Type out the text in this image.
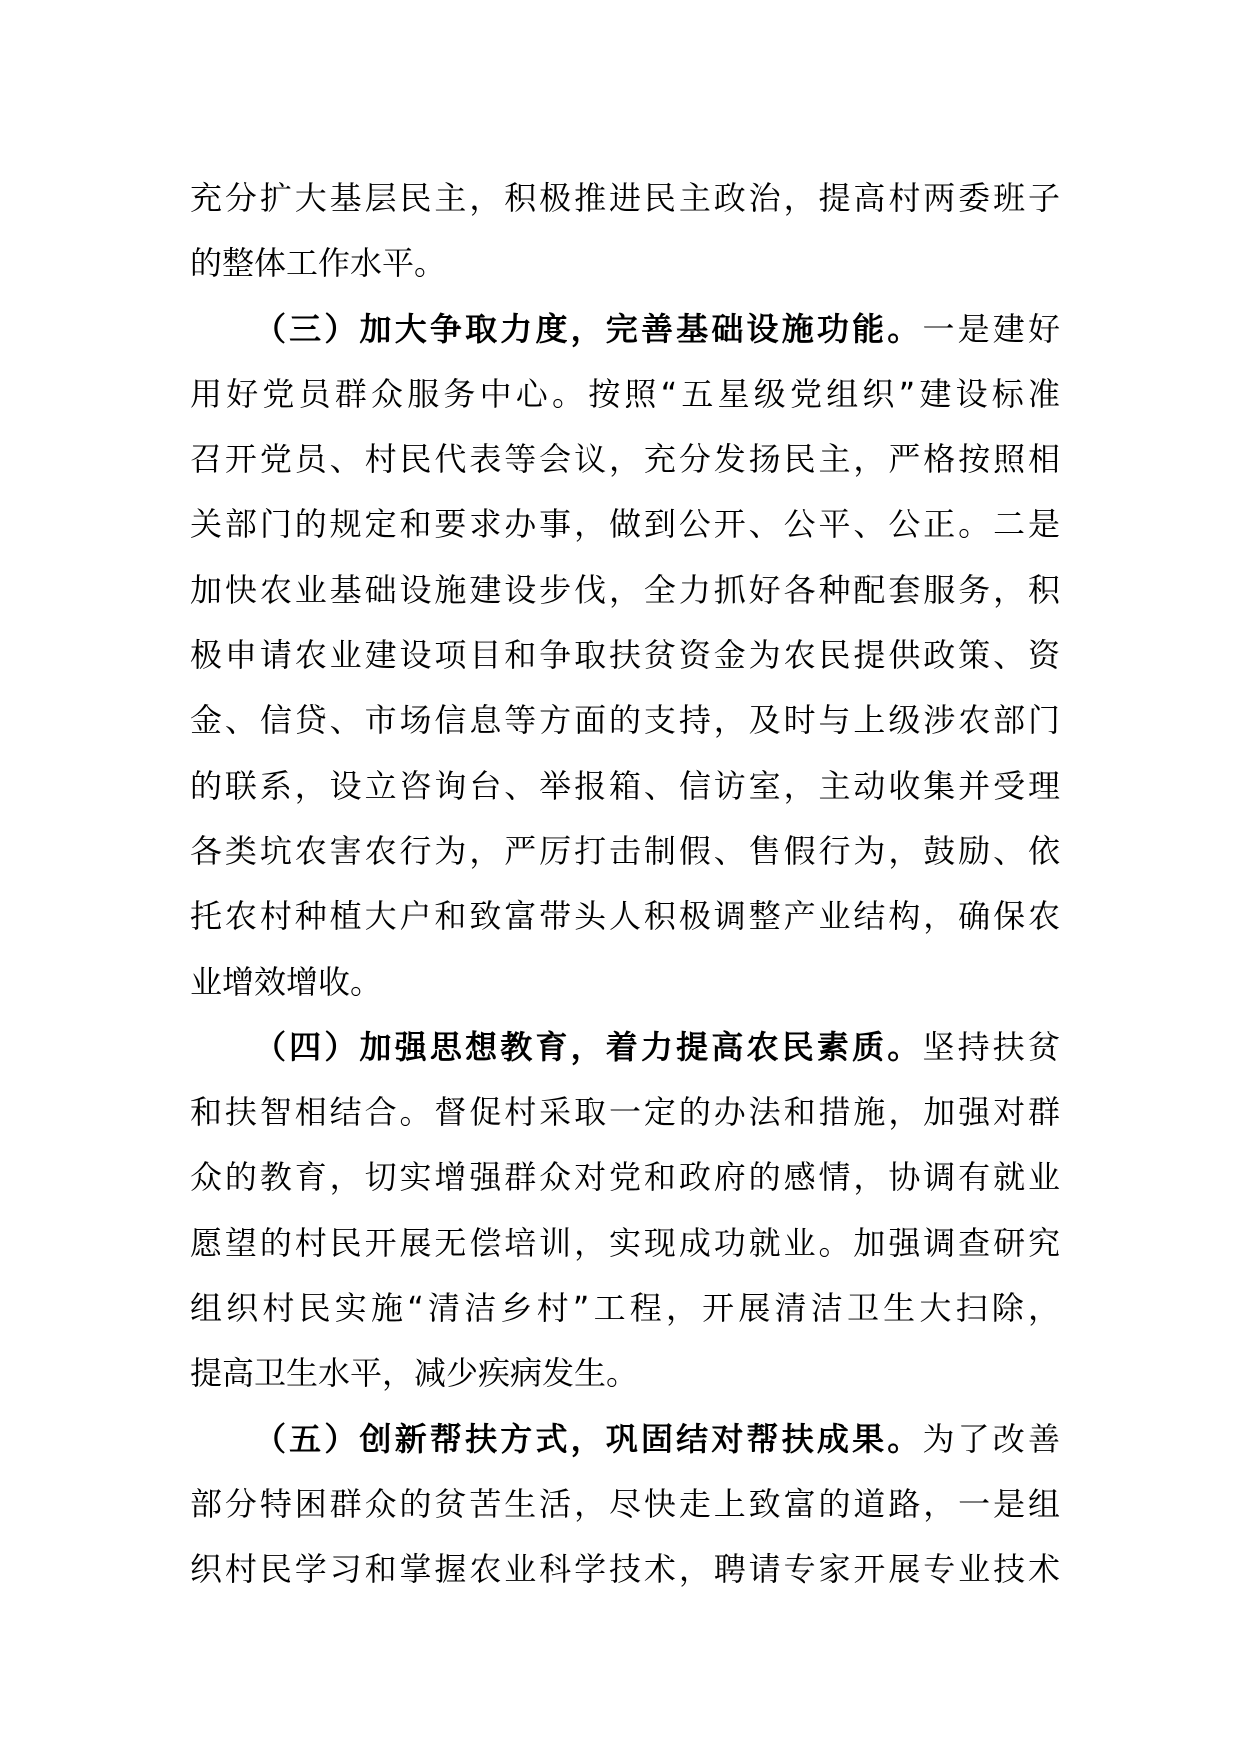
充分扩大基层民主，积极推进民主政治，提高村两委班子
的整体工作水平。
（三）加大争取力度，完善基础设施功能。一是建好
用好党员群众服务中心。按照“五星级党组织”建设标准
召开党员、村民代表等会议，充分发扬民主，严格按照相
关部门的规定和要求办事，做到公开、公平、公正。二是
加快农业基础设施建设步伐，全力抓好各种配套服务，积
极申请农业建设项目和争取扶贫资金为农民提供政策、资
金、信贷、市场信息等方面的支持，及时与上级涉农部门
的联系，设立咨询台、举报箱、信访室，主动收集并受理
各类坑农害农行为，严厉打击制假、售假行为，鼓励、依
托农村种植大户和致富带头人积极调整产业结构，确保农
业增效增收。
（四）加强思想教育，着力提高农民素质。坚持扶贫
和扶智相结合。督促村采取一定的办法和措施，加强对群
众的教育，切实增强群众对党和政府的感情，协调有就业
愿望的村民开展无偿培训，实现成功就业。加强调查研究
组织村民实施“清洁乡村”工程，开展清洁卫生大扫除，
提高卫生水平，减少疾病发生。
（五）创新帮扶方式，巩固结对帮扶成果。为了改善
部分特困群众的贫苦生活，尽快走上致富的道路，一是组
织村民学习和掌握农业科学技术，聘请专家开展专业技术
